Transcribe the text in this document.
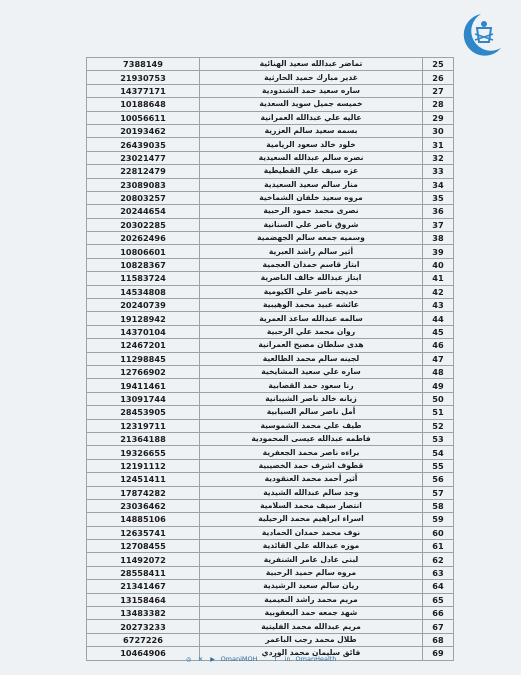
7388149	تماضر عبدالله سعيد الهنائية	25
21930753	غدير مبارك حميد الحارثية	26
14377171	ساره سعيد حمد الشندودية	27
10188648	خميسه جميل سويد السعدية	28
10056611	عاليه علي عبدالله العمرانية	29
20193462	بسمه سعيد سالم العزرية	30
26439035	خلود خالد سعود الريامية	31
23021477	نصره سالم عبدالله السعيدية	32
22812479	عزه سيف علي القطيطية	33
23089083	منار سالم سعيد السعيدية	34
20803257	مروه سعيد خلفان الشماخية	35
20244654	نصرى محمد حمود الرحبية	36
20302285	شروق ناصر علي السنانية	37
20262496	وسميه جمعه سالم الجهضمية	38
10806601	أثير سالم راشد العبرية	39
10828367	ابتاز قاسم حمدان العجمية	40
11583724	ابتاز عبدالله خالف الناصرية	41
14534808	خديجه ناصر علي الكيومية	42
20240739	عائشه عبيد محمد الوهيبية	43
19128942	سالمه عبدالله ساعد العمرية	44
14370104	روان محمد علي الرحبية	45
12467201	هدى سلطان مصبح العمرانية	46
11298845	لجينه سالم محمد الطالعية	47
12766902	ساره علي سعيد المشايخية	48
19411461	رنا سعود حمد القصابية	49
13091744	زيانه خالد ناصر الشيبانية	50
28453905	أمل ناصر سالم السيابية	51
12319711	طيف علي محمد الشموسية	52
21364188	فاطمه عبدالله عيسى المحمودية	53
19326655	براءه ناصر محمد الجعفرية	54
12191112	قطوف اشرف حمد الخصيبية	55
12451411	أثير أحمد محمد العنقودية	56
17874282	وجد سالم عبدالله الشيدية	57
23036462	انتصار سيف محمد السلامية	58
14885106	اسراء ابراهيم محمد الرحيلية	59
12635741	نوف محمد حمدان الحمادية	60
12708455	موزه عبدالله علي القائدية	61
11492072	لبنى عادل عامر الشنفرية	62
28558411	مروه سالم حميد الرحبية	63
21341467	ريان سالم سعيد الرشيدية	64
13158464	مريم محمد راشد النعيمية	65
13483382	شهد جمعه حمد البعقوبية	66
20273233	مريم عبدالله محمد الفليتية	67
6727226	طلال محمد رجب الباعمر	68
10464906	فائق سليمان محمد الوردي	69
◎ ✕ ▶ OmaniMOH	f	in OmanHealth
